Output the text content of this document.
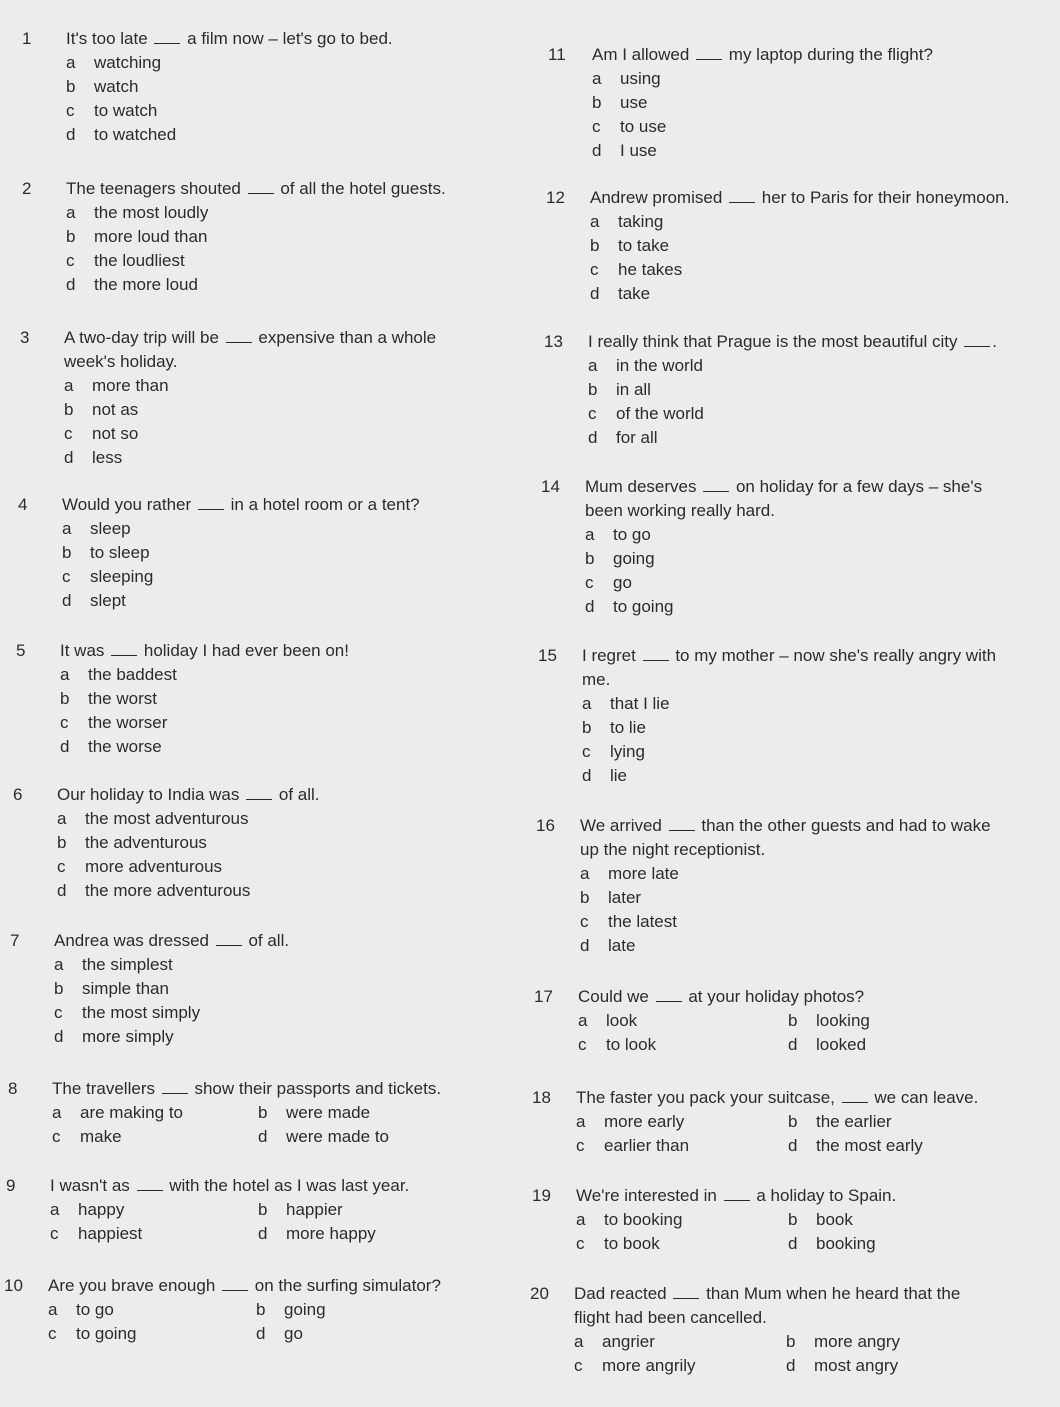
1	It's too late a film now – let's go to bed.
a watching
b watch
c to watch
d to watched
2	The teenagers shouted of all the hotel guests.
a the most loudly
b more loud than
c the loudliest
d the more loud
3	A two-day trip will be expensive than a whole
week's holiday.
a more than
b not as
c not so
d less
4	Would you rather in a hotel room or a tent?
a sleep
b to sleep
c sleeping
d slept
5	It was holiday I had ever been on!
a the baddest
b the worst
c the worser
d the worse
6	Our holiday to India was of all.
a the most adventurous
b the adventurous
c more adventurous
d the more adventurous
7	Andrea was dressed of all.
a the simplest
b simple than
c the most simply
d more simply
8	The travellers show their passports and tickets.
a are making to	b were made
c make	d were made to
9	I wasn't as with the hotel as I was last year.
a happy	b happier
c happiest	d more happy
10	Are you brave enough on the surfing simulator?
a to go	b going
c to going	d go
11	Am I allowed my laptop during the flight?
a using
b use
c to use
d I use
12	Andrew promised her to Paris for their honeymoon.
a taking
b to take
c he takes
d take
13	I really think that Prague is the most beautiful city .
a in the world
b in all
c of the world
d for all
14	Mum deserves on holiday for a few days – she's
been working really hard.
a to go
b going
c go
d to going
15	I regret to my mother – now she's really angry with
me.
a that I lie
b to lie
c lying
d lie
16	We arrived than the other guests and had to wake
up the night receptionist.
a more late
b later
c the latest
d late
17	Could we at your holiday photos?
a look	b looking
c to look	d looked
18	The faster you pack your suitcase, we can leave.
a more early	b the earlier
c earlier than	d the most early
19	We're interested in a holiday to Spain.
a to booking	b book
c to book	d booking
20	Dad reacted than Mum when he heard that the
flight had been cancelled.
a angrier	b more angry
c more angrily	d most angry
